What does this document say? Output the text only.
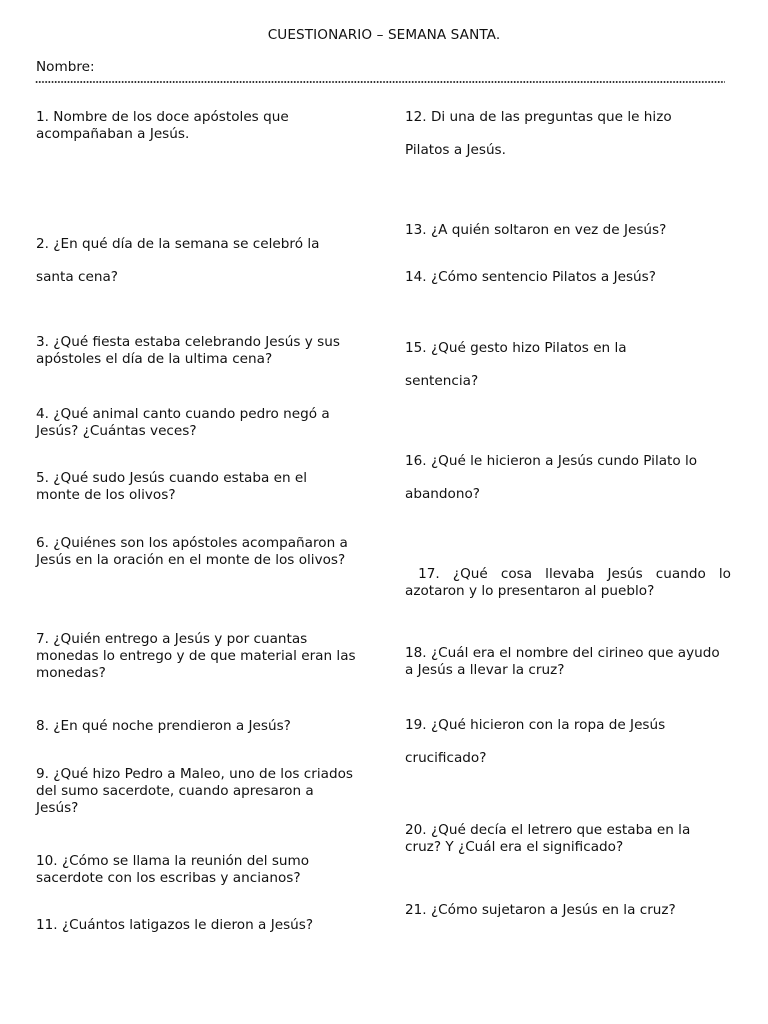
CUESTIONARIO – SEMANA SANTA.
Nombre:
1. Nombre de los doce apóstoles que acompañaban a Jesús.
2. ¿En qué día de la semana se celebró la santa cena?
3. ¿Qué fiesta estaba celebrando Jesús y sus apóstoles el día de la ultima cena?
4. ¿Qué animal canto cuando pedro negó a Jesús? ¿Cuántas veces?
5. ¿Qué sudo Jesús cuando estaba en el monte de los olivos?
6. ¿Quiénes son los apóstoles acompañaron a Jesús en la oración en el monte de los olivos?
7. ¿Quién entrego a Jesús y por cuantas monedas lo entrego y de que material eran las monedas?
8. ¿En qué noche prendieron a Jesús?
9. ¿Qué hizo Pedro a Maleo, uno de los criados del sumo sacerdote, cuando apresaron a Jesús?
10. ¿Cómo se llama la reunión del sumo sacerdote con los escribas y ancianos?
11. ¿Cuántos latigazos le dieron a Jesús?
12. Di una de las preguntas que le hizo Pilatos a Jesús.
13. ¿A quién soltaron en vez de Jesús?
14. ¿Cómo sentencio Pilatos a Jesús?
15. ¿Qué gesto hizo Pilatos en la sentencia?
16. ¿Qué le hicieron a Jesús cundo Pilato lo abandono?
17. ¿Qué cosa llevaba Jesús cuando lo azotaron y lo presentaron al pueblo?
18. ¿Cuál era el nombre del cirineo que ayudo a Jesús a llevar la cruz?
19. ¿Qué hicieron con la ropa de Jesús crucificado?
20. ¿Qué decía el letrero que estaba en la cruz? Y ¿Cuál era el significado?
21. ¿Cómo sujetaron a Jesús en la cruz?
